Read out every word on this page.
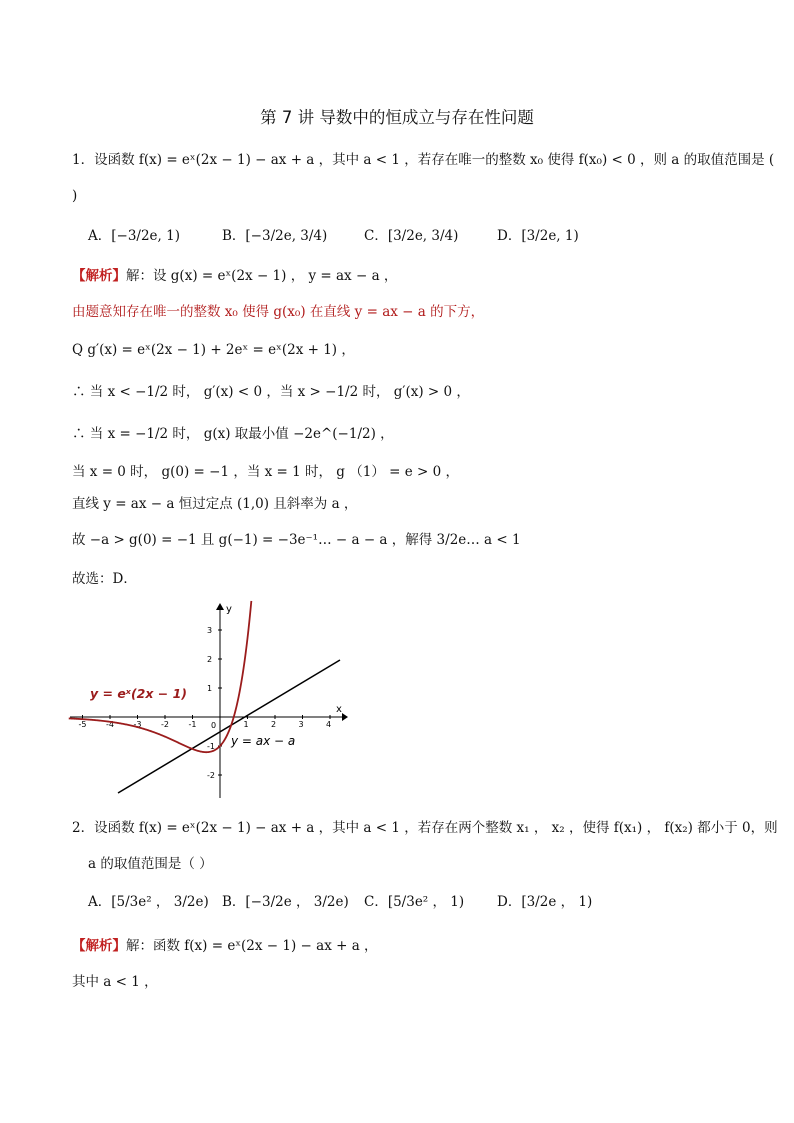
第 7 讲 导数中的恒成立与存在性问题
1．设函数 f(x) = eˣ(2x − 1) − ax + a ，其中 a < 1 ，若存在唯一的整数 x₀ 使得 f(x₀) < 0 ，则 a 的取值范围是 (
)
A．[−3/2e, 1)	B．[−3/2e, 3/4)	C．[3/2e, 3/4)	D．[3/2e, 1)
【解析】解：设 g(x) = eˣ(2x − 1) ， y = ax − a ，
由题意知存在唯一的整数 x₀ 使得 g(x₀) 在直线 y = ax − a 的下方，
Q g′(x) = eˣ(2x − 1) + 2eˣ = eˣ(2x + 1) ，
∴ 当 x < −1/2 时， g′(x) < 0 ，当 x > −1/2 时， g′(x) > 0 ，
∴ 当 x = −1/2 时， g(x) 取最小值 −2e^(−1/2) ，
当 x = 0 时， g(0) = −1 ，当 x = 1 时， g （1） = e > 0 ，
直线 y = ax − a 恒过定点 (1,0) 且斜率为 a ，
故 −a > g(0) = −1 且 g(−1) = −3e⁻¹… − a − a ，解得 3/2e… a < 1
故选：D．
x
y
0
-5 -4 -3 -2 -1	1	2	3	4
3
2
1
-1
-2
y = eˣ(2x − 1)
y = ax − a
2．设函数 f(x) = eˣ(2x − 1) − ax + a ，其中 a < 1 ，若存在两个整数 x₁ ， x₂ ，使得 f(x₁) ， f(x₂) 都小于 0，则
a 的取值范围是（ ）
A．[5/3e² ， 3/2e) B．[−3/2e ， 3/2e) C．[5/3e² ， 1) D．[3/2e ， 1)
【解析】解：函数 f(x) = eˣ(2x − 1) − ax + a ，
其中 a < 1 ，
